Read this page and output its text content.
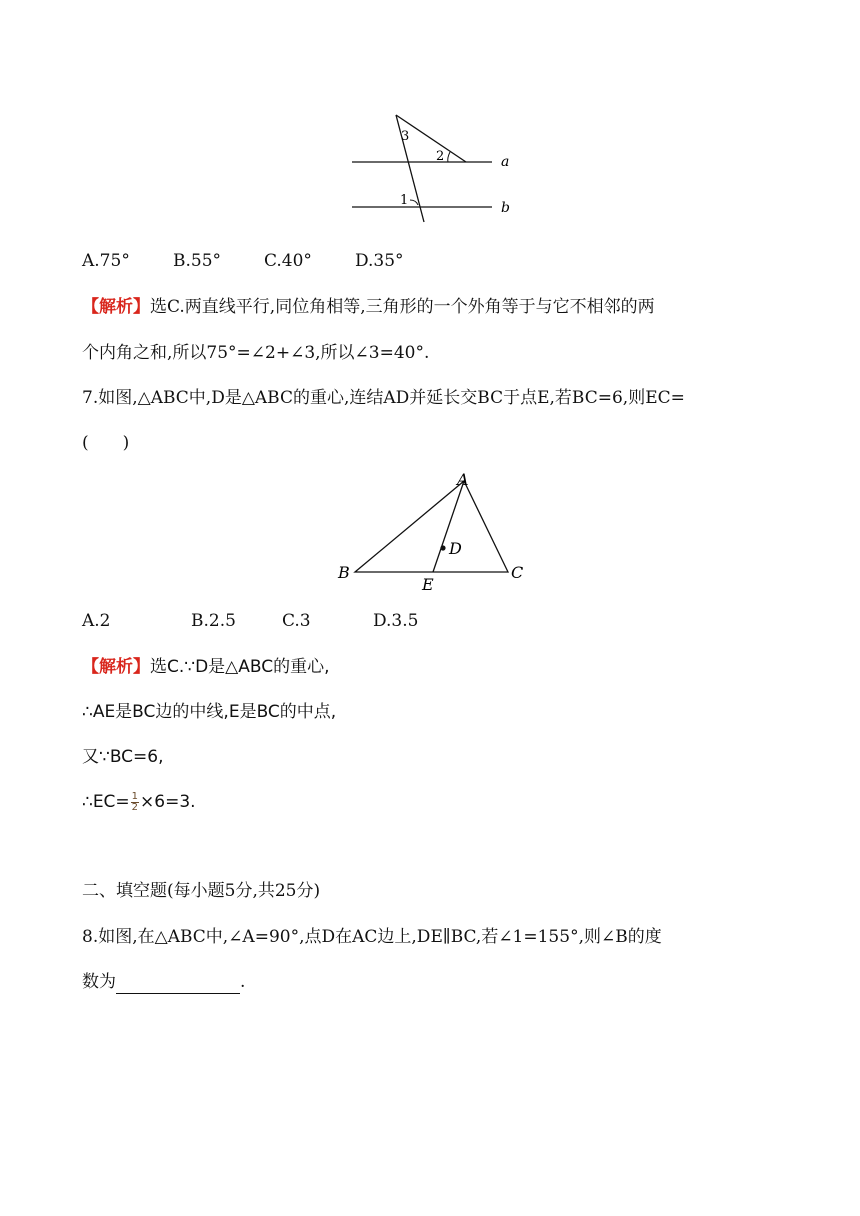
3
2
1
a
b
A.75°	B.55°	C.40°	D.35°
【解析】选C.两直线平行,同位角相等,三角形的一个外角等于与它不相邻的两
个内角之和,所以75°=∠2+∠3,所以∠3=40°.
7.如图,△ABC中,D是△ABC的重心,连结AD并延长交BC于点E,若BC=6,则EC=
(　　)
A
B	C
D
E
A.2	B.2.5	C.3	D.3.5
【解析】选C.∵D是△ABC的重心,
∴AE是BC边的中线,E是BC的中点,
又∵BC=6,
∴EC= $\frac{1}{2} \times 6=3$.
二、填空题(每小题5分,共25分)
8.如图,在△ABC中,∠A=90°,点D在AC边上,DE∥BC,若∠1=155°,则∠B的度
数为	.
